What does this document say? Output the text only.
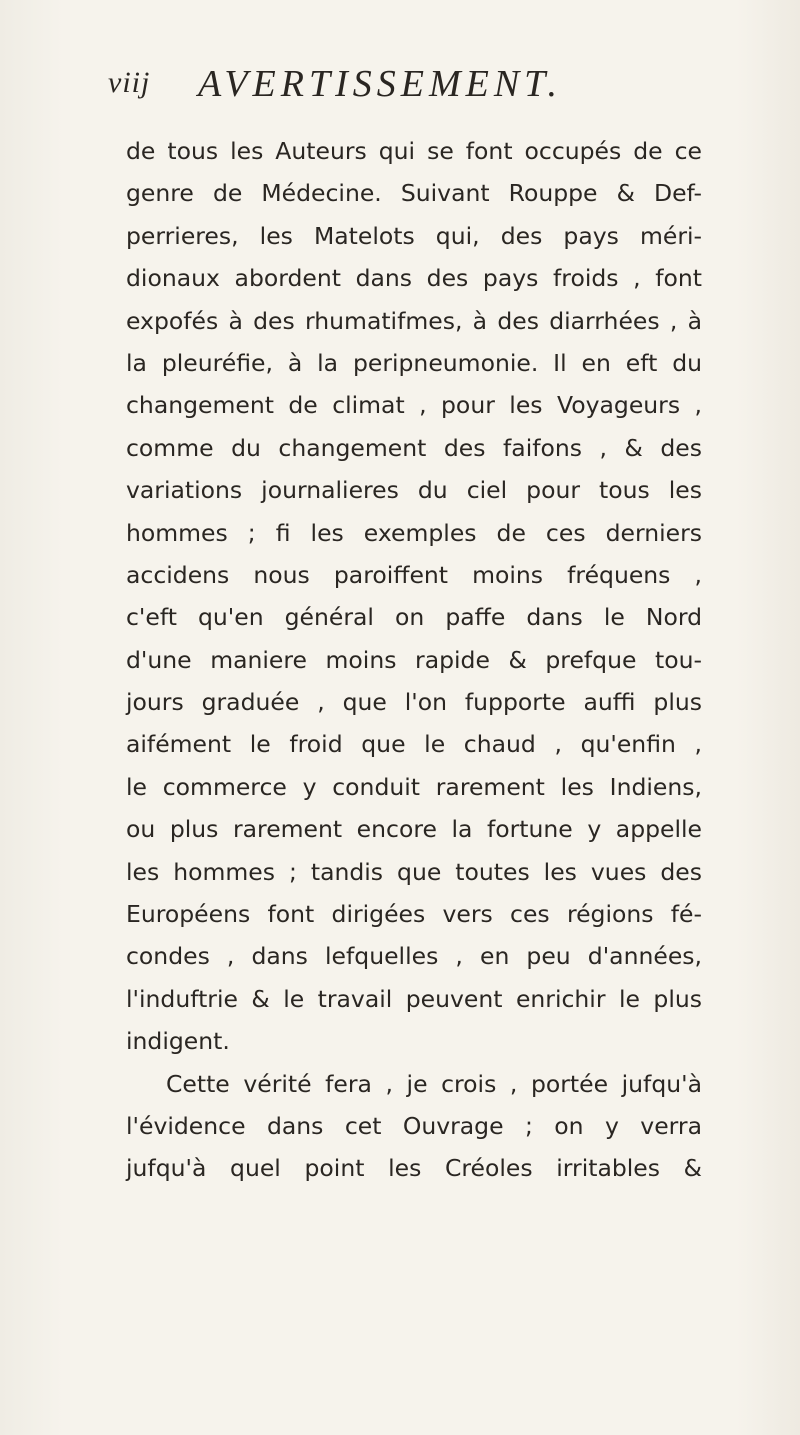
viij AVERTISSEMENT.
de tous les Auteurs qui se font occupés de ce
genre de Médecine. Suivant Rouppe & Def-
perrieres, les Matelots qui, des pays méri-
dionaux abordent dans des pays froids , font
expofés à des rhumatifmes, à des diarrhées , à
la pleuréfie, à la peripneumonie. Il en eft du
changement de climat , pour les Voyageurs ,
comme du changement des faifons , & des
variations journalieres du ciel pour tous les
hommes ; fi les exemples de ces derniers
accidens nous paroiffent moins fréquens ,
c'eft qu'en général on paffe dans le Nord
d'une maniere moins rapide & prefque tou-
jours graduée , que l'on fupporte auffi plus
aifément le froid que le chaud , qu'enfin ,
le commerce y conduit rarement les Indiens,
ou plus rarement encore la fortune y appelle
les hommes ; tandis que toutes les vues des
Européens font dirigées vers ces régions fé-
condes , dans lefquelles , en peu d'années,
l'induftrie & le travail peuvent enrichir le plus
indigent.
Cette vérité fera , je crois , portée jufqu'à
l'évidence dans cet Ouvrage ; on y verra
jufqu'à quel point les Créoles irritables &
